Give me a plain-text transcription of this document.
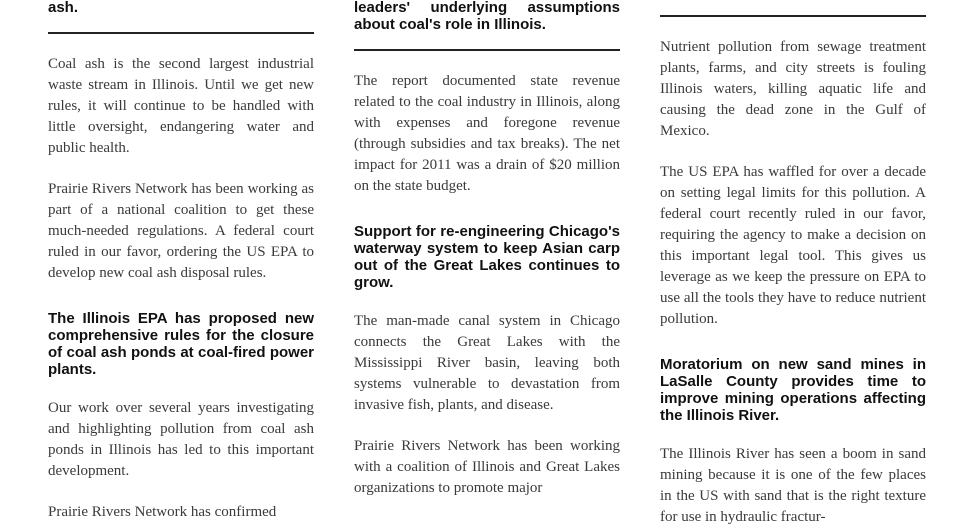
ash.

Coal ash is the second largest industrial waste stream in Illinois. Until we get new rules, it will continue to be handled with little oversight, endangering water and public health.

Prairie Rivers Network has been working as part of a national coalition to get these much-needed regulations. A federal court ruled in our favor, ordering the US EPA to develop new coal ash disposal rules.

The Illinois EPA has proposed new comprehensive rules for the closure of coal ash ponds at coal-fired power plants.

Our work over several years investigating and highlighting pollution from coal ash ponds in Illinois has led to this important development.

Prairie Rivers Network has confirmed

leaders' underlying assumptions about coal's role in Illinois.

The report documented state revenue related to the coal industry in Illinois, along with expenses and foregone revenue (through subsidies and tax breaks). The net impact for 2011 was a drain of $20 million on the state budget.

Support for re-engineering Chicago's waterway system to keep Asian carp out of the Great Lakes continues to grow.

The man-made canal system in Chicago connects the Great Lakes with the Mississippi River basin, leaving both systems vulnerable to devastation from invasive fish, plants, and disease.

Prairie Rivers Network has been working with a coalition of Illinois and Great Lakes organizations to promote major

Nutrient pollution from sewage treatment plants, farms, and city streets is fouling Illinois waters, killing aquatic life and causing the dead zone in the Gulf of Mexico.

The US EPA has waffled for over a decade on setting legal limits for this pollution. A federal court recently ruled in our favor, requiring the agency to make a decision on this important legal tool. This gives us leverage as we keep the pressure on EPA to use all the tools they have to reduce nutrient pollution.

Moratorium on new sand mines in LaSalle County provides time to improve mining operations affecting the Illinois River.

The Illinois River has seen a boom in sand mining because it is one of the few places in the US with sand that is the right texture for use in hydraulic fractur-
